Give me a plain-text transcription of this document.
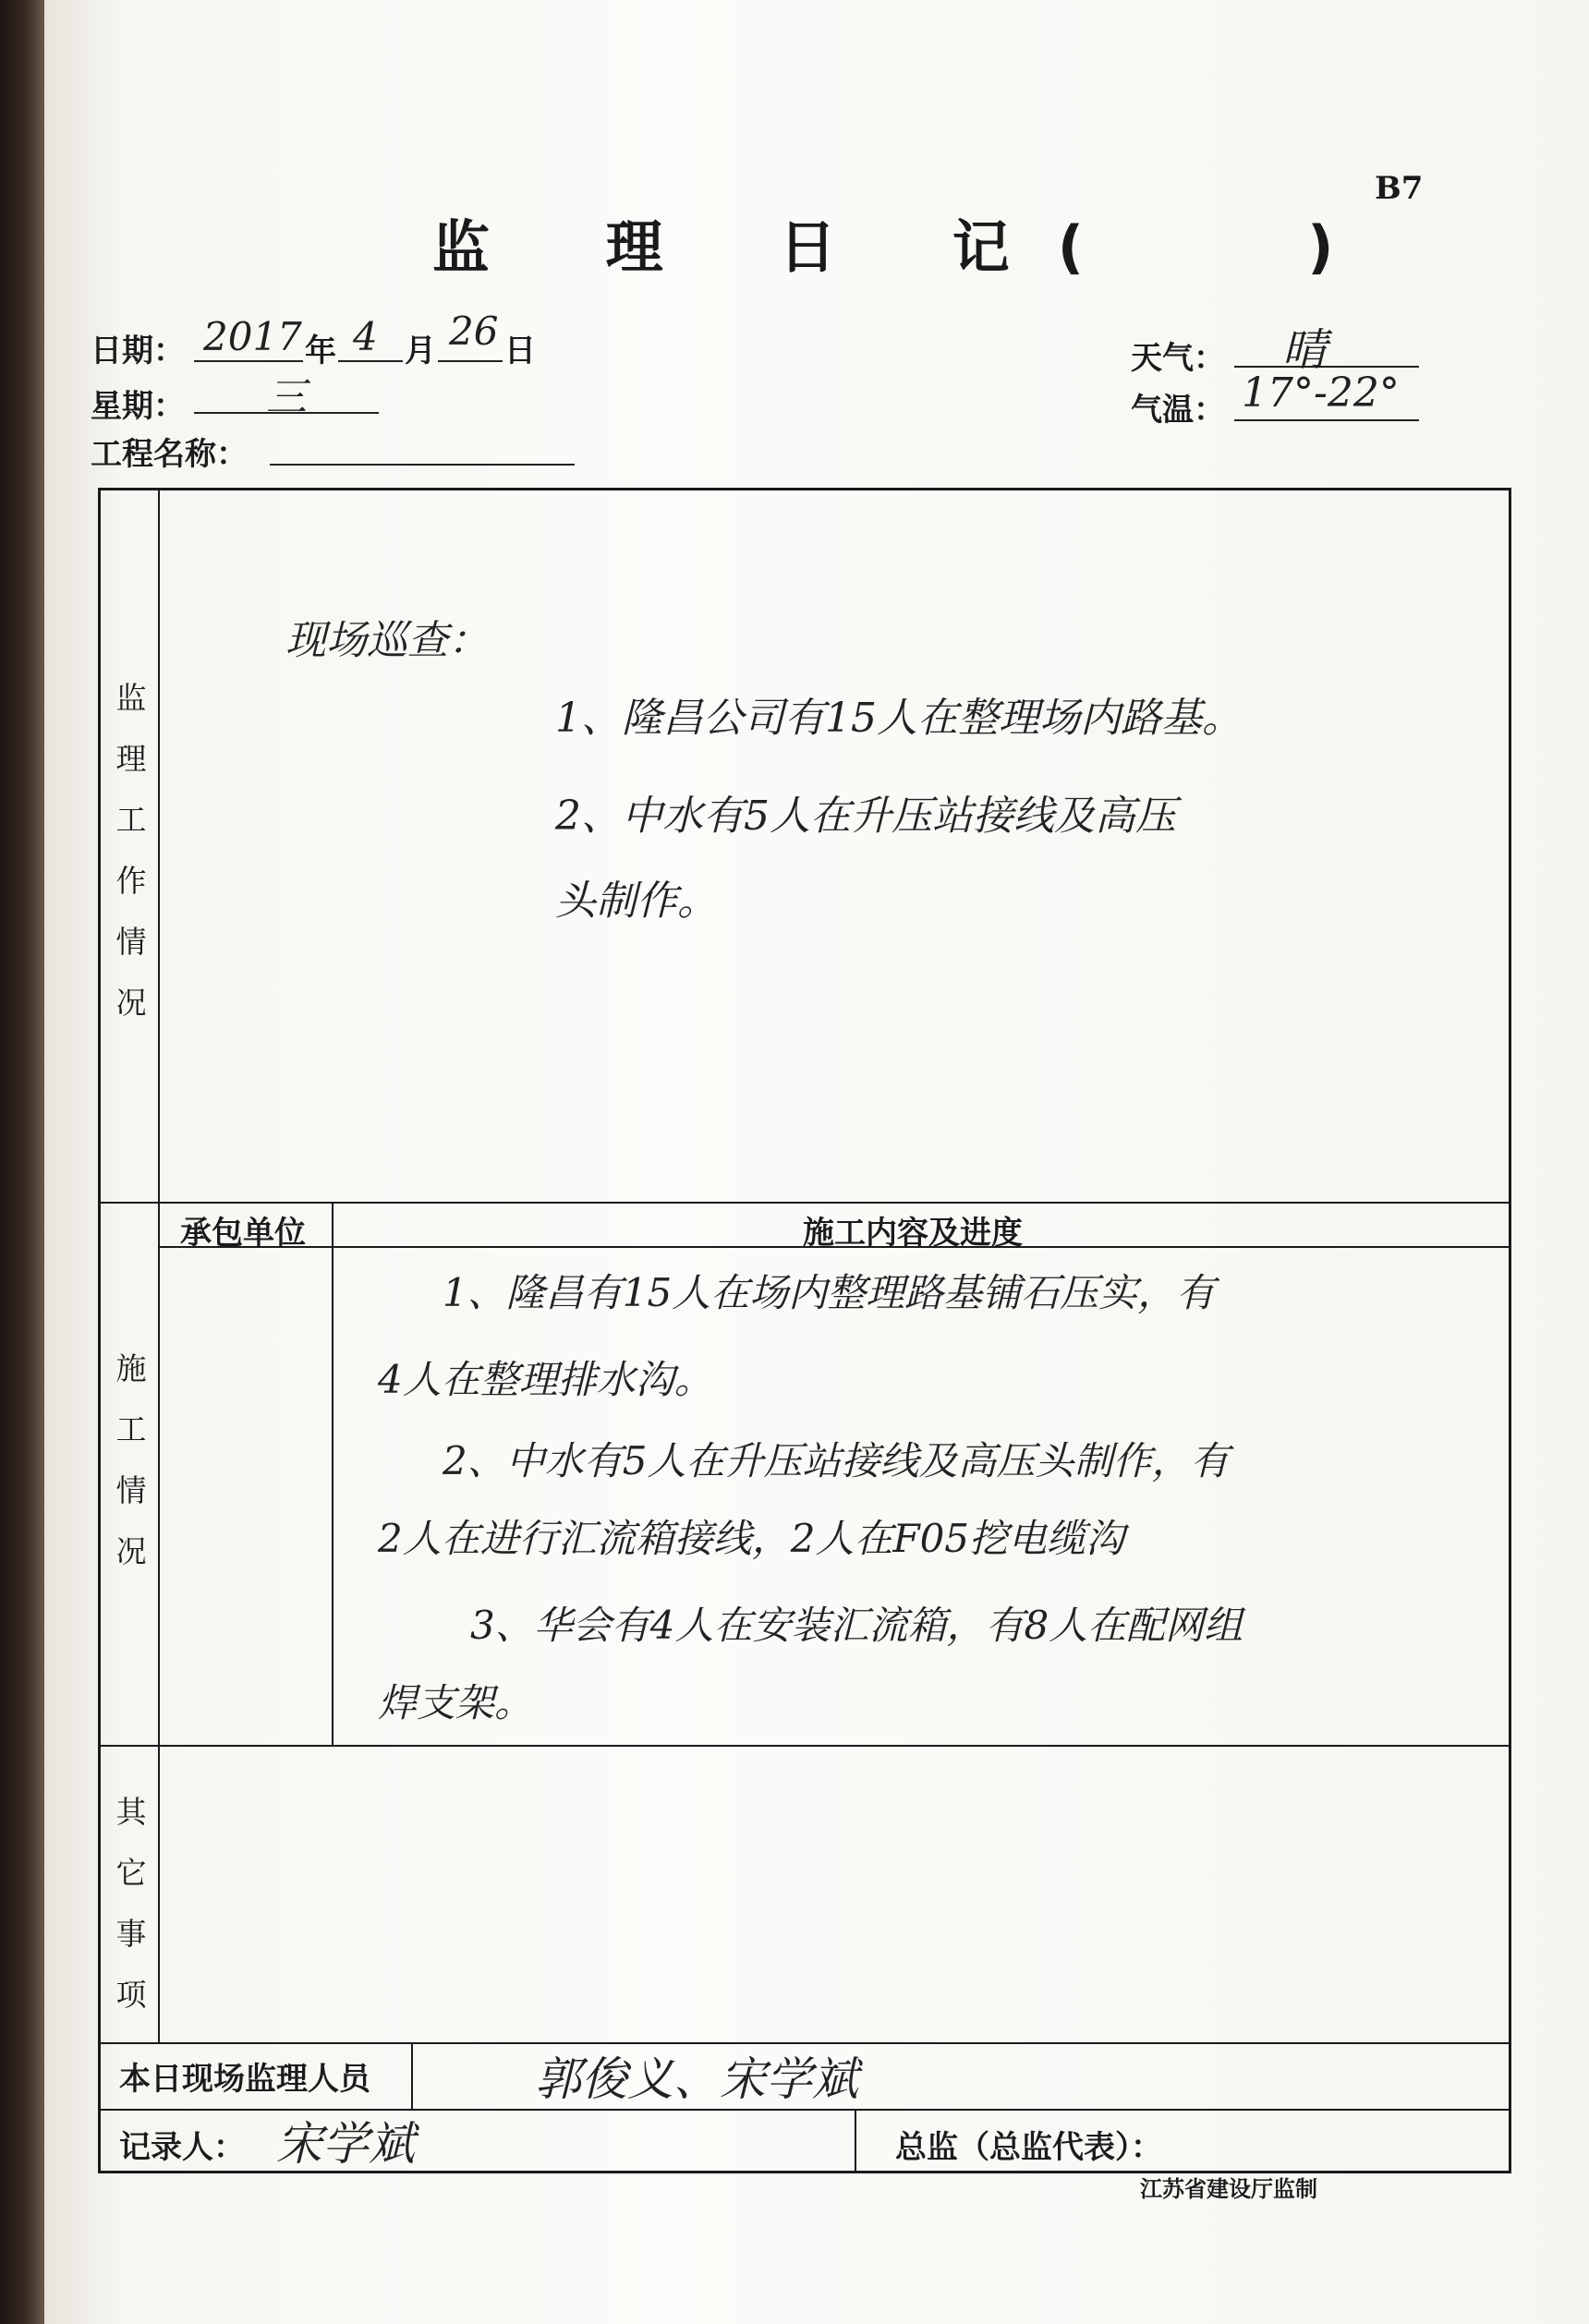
B7
监 理 日 记(	)
日期： 2017 年 4 月 26 日
星期： 三
工程名称：
天气： 晴
气温： 17°-22°
监
理
工
作
情
况
现场巡查：
1、隆昌公司有15人在整理场内路基。
2、中水有5人在升压站接线及高压
头制作。
承包单位	施工内容及进度
施
工
情
况
1、隆昌有15人在场内整理路基铺石压实，有
4人在整理排水沟。
2、中水有5人在升压站接线及高压头制作，有
2人在进行汇流箱接线，2人在F05挖电缆沟
3、华会有4人在安装汇流箱，有8人在配网组
焊支架。
其
它
事
项
本日现场监理人员	郭俊义、宋学斌
记录人： 宋学斌	总监（总监代表）：
江苏省建设厅监制
